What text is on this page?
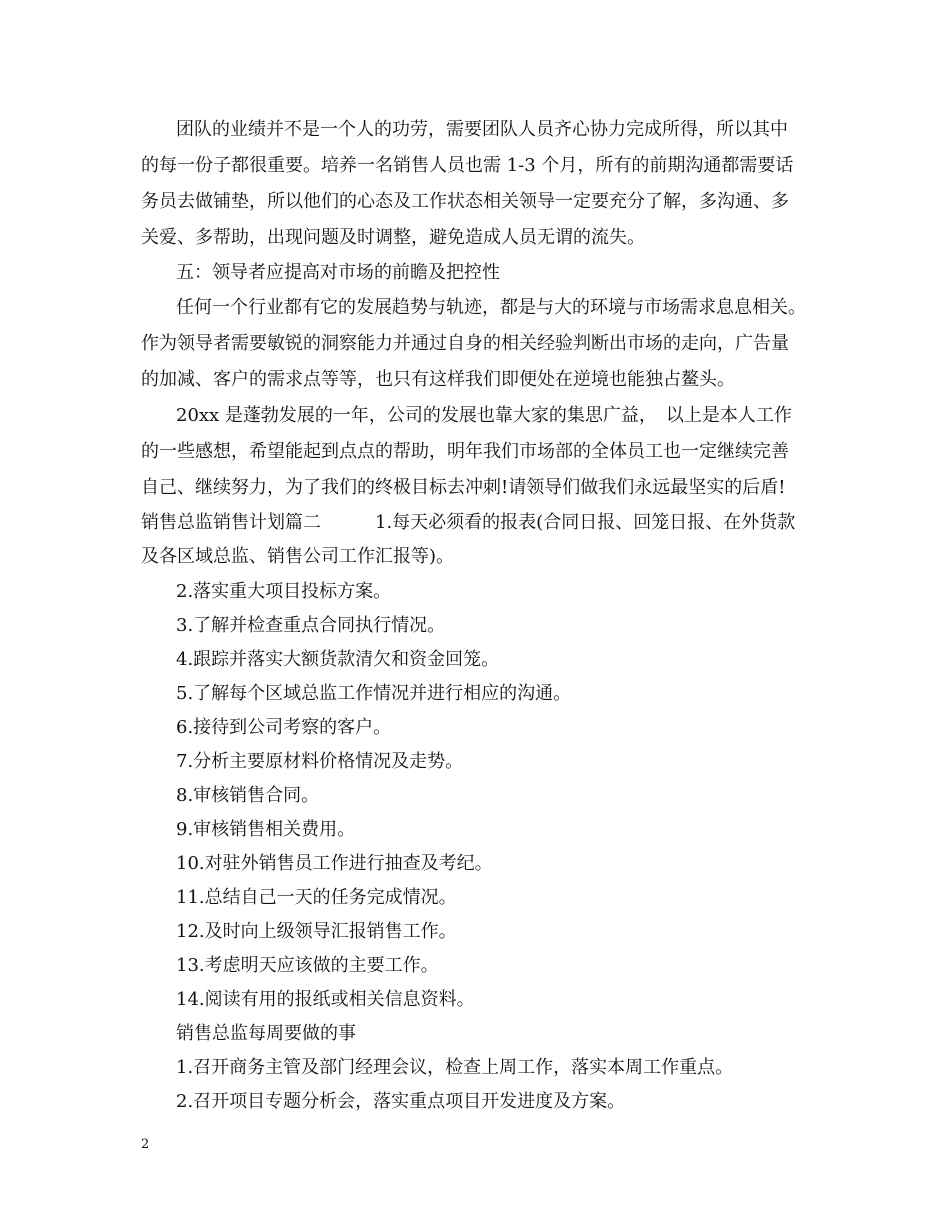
团队的业绩并不是一个人的功劳，需要团队人员齐心协力完成所得，所以其中
的每一份子都很重要。培养一名销售人员也需 1-3 个月，所有的前期沟通都需要话
务员去做铺垫，所以他们的心态及工作状态相关领导一定要充分了解，多沟通、多
关爱、多帮助，出现问题及时调整，避免造成人员无谓的流失。
五：领导者应提高对市场的前瞻及把控性
任何一个行业都有它的发展趋势与轨迹，都是与大的环境与市场需求息息相关。
作为领导者需要敏锐的洞察能力并通过自身的相关经验判断出市场的走向，广告量
的加减、客户的需求点等等，也只有这样我们即便处在逆境也能独占鳌头。
20xx 是蓬勃发展的一年，公司的发展也靠大家的集思广益，　以上是本人工作
的一些感想，希望能起到点点的帮助，明年我们市场部的全体员工也一定继续完善
自己、继续努力，为了我们的终极目标去冲刺!请领导们做我们永远最坚实的后盾!
销售总监销售计划篇二　　　1.每天必须看的报表(合同日报、回笼日报、在外货款
及各区域总监、销售公司工作汇报等)。
2.落实重大项目投标方案。
3.了解并检查重点合同执行情况。
4.跟踪并落实大额货款清欠和资金回笼。
5.了解每个区域总监工作情况并进行相应的沟通。
6.接待到公司考察的客户。
7.分析主要原材料价格情况及走势。
8.审核销售合同。
9.审核销售相关费用。
10.对驻外销售员工作进行抽查及考纪。
11.总结自己一天的任务完成情况。
12.及时向上级领导汇报销售工作。
13.考虑明天应该做的主要工作。
14.阅读有用的报纸或相关信息资料。
销售总监每周要做的事
1.召开商务主管及部门经理会议，检查上周工作，落实本周工作重点。
2.召开项目专题分析会，落实重点项目开发进度及方案。
2
